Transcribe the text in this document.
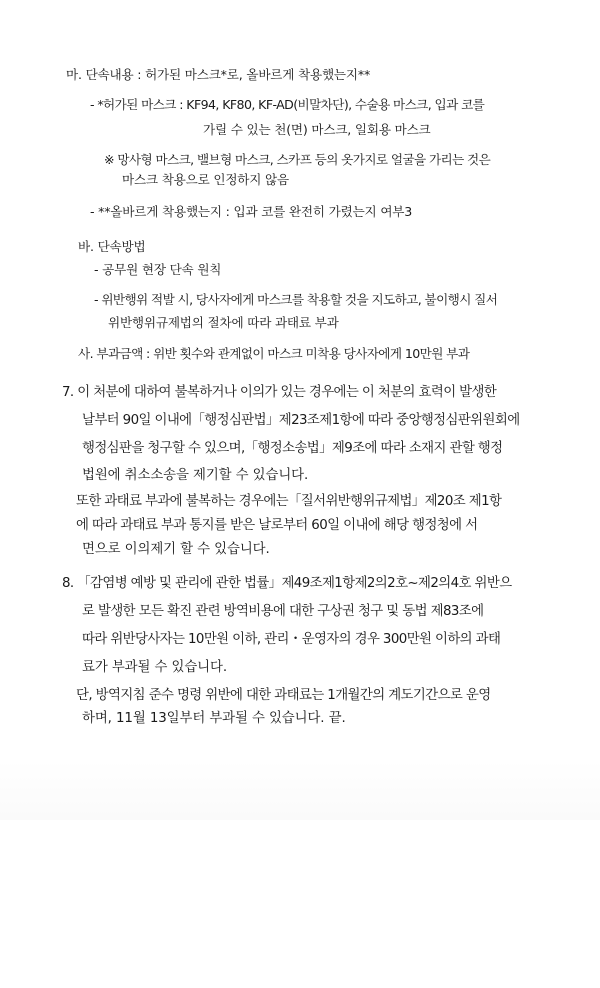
마. 단속내용 : 허가된 마스크*로, 올바르게 착용했는지**
- *허가된 마스크 : KF94, KF80, KF-AD(비말차단), 수술용 마스크, 입과 코를
가릴 수 있는 천(면) 마스크, 일회용 마스크
※ 망사형 마스크, 밸브형 마스크, 스카프 등의 옷가지로 얼굴을 가리는 것은
마스크 착용으로 인정하지 않음
- **올바르게 착용했는지 : 입과 코를 완전히 가렸는지 여부3
바. 단속방법
- 공무원 현장 단속 원칙
- 위반행위 적발 시, 당사자에게 마스크를 착용할 것을 지도하고, 불이행시 질서
위반행위규제법의 절차에 따라 과태료 부과
사. 부과금액 : 위반 횟수와 관계없이 마스크 미착용 당사자에게 10만원 부과
7. 이 처분에 대하여 불복하거나 이의가 있는 경우에는 이 처분의 효력이 발생한
날부터 90일 이내에「행정심판법」제23조제1항에 따라 중앙행정심판위원회에
행정심판을 청구할 수 있으며,「행정소송법」제9조에 따라 소재지 관할 행정
법원에 취소소송을 제기할 수 있습니다.
또한 과태료 부과에 불복하는 경우에는「질서위반행위규제법」제20조 제1항
에 따라 과태료 부과 통지를 받은 날로부터 60일 이내에 해당 행정청에 서
면으로 이의제기 할 수 있습니다.
8. 「감염병 예방 및 관리에 관한 법률」제49조제1항제2의2호~제2의4호 위반으
로 발생한 모든 확진 관련 방역비용에 대한 구상권 청구 및 동법 제83조에
따라 위반당사자는 10만원 이하, 관리・운영자의 경우 300만원 이하의 과태
료가 부과될 수 있습니다.
단, 방역지침 준수 명령 위반에 대한 과태료는 1개월간의 계도기간으로 운영
하며, 11월 13일부터 부과될 수 있습니다. 끝.
